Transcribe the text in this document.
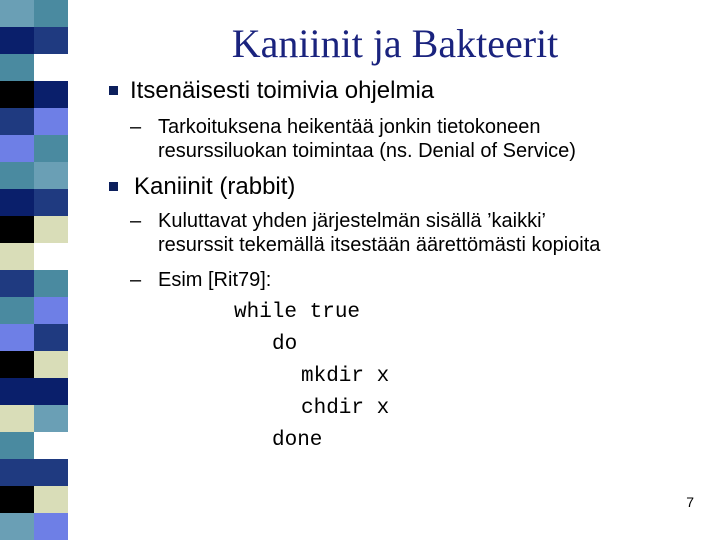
Kaniinit ja Bakteerit
Itsenäisesti toimivia ohjelmia
– Tarkoituksena heikentää jonkin tietokoneen
resurssiluokan toimintaa (ns. Denial of Service)
Kaniinit (rabbit)
– Kuluttavat yhden järjestelmän sisällä ’kaikki’
resurssit tekemällä itsestään äärettömästi kopioita
– Esim [Rit79]:
while true
do
mkdir x
chdir x
done
7
